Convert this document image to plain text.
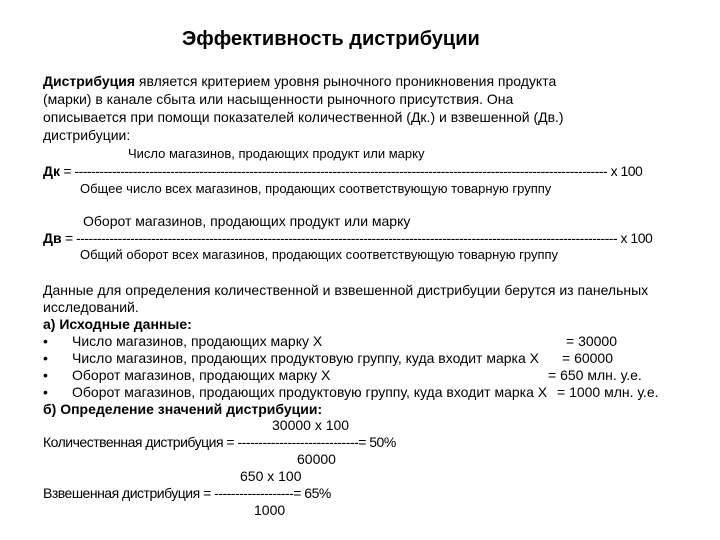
Эффективность дистрибуции
Дистрибуция является критерием уровня рыночного проникновения продукта
(марки) в канале сбыта или насыщенности рыночного присутствия. Она
описывается при помощи показателей количественной (Дк.) и взвешенной (Дв.)
дистрибуции:
Число магазинов, продающих продукт или марку
Дк = -------------------------------------------------------------------------------------------------------------------------------- х 100
Общее число всех магазинов, продающих соответствующую товарную группу
Оборот магазинов, продающих продукт или марку
Дв = ---------------------------------------------------------------------------------------------------------------------------------- х 100
Общий оборот всех магазинов, продающих соответствующую товарную группу
Данные для определения количественной и взвешенной дистрибуции берутся из панельных
исследований.
а) Исходные данные:
• Число магазинов, продающих марку Х	= 30000
• Число магазинов, продающих продуктовую группу, куда входит марка Х = 60000
• Оборот магазинов, продающих марку Х	= 650 млн. у.е.
• Оборот магазинов, продающих продуктовую группу, куда входит марка Х = 1000 млн. у.е.
б) Определение значений дистрибуции:
30000 х 100
Количественная дистрибуция = -----------------------------= 50%
60000
650 х 100
Взвешенная дистрибуция = -------------------= 65%
1000
